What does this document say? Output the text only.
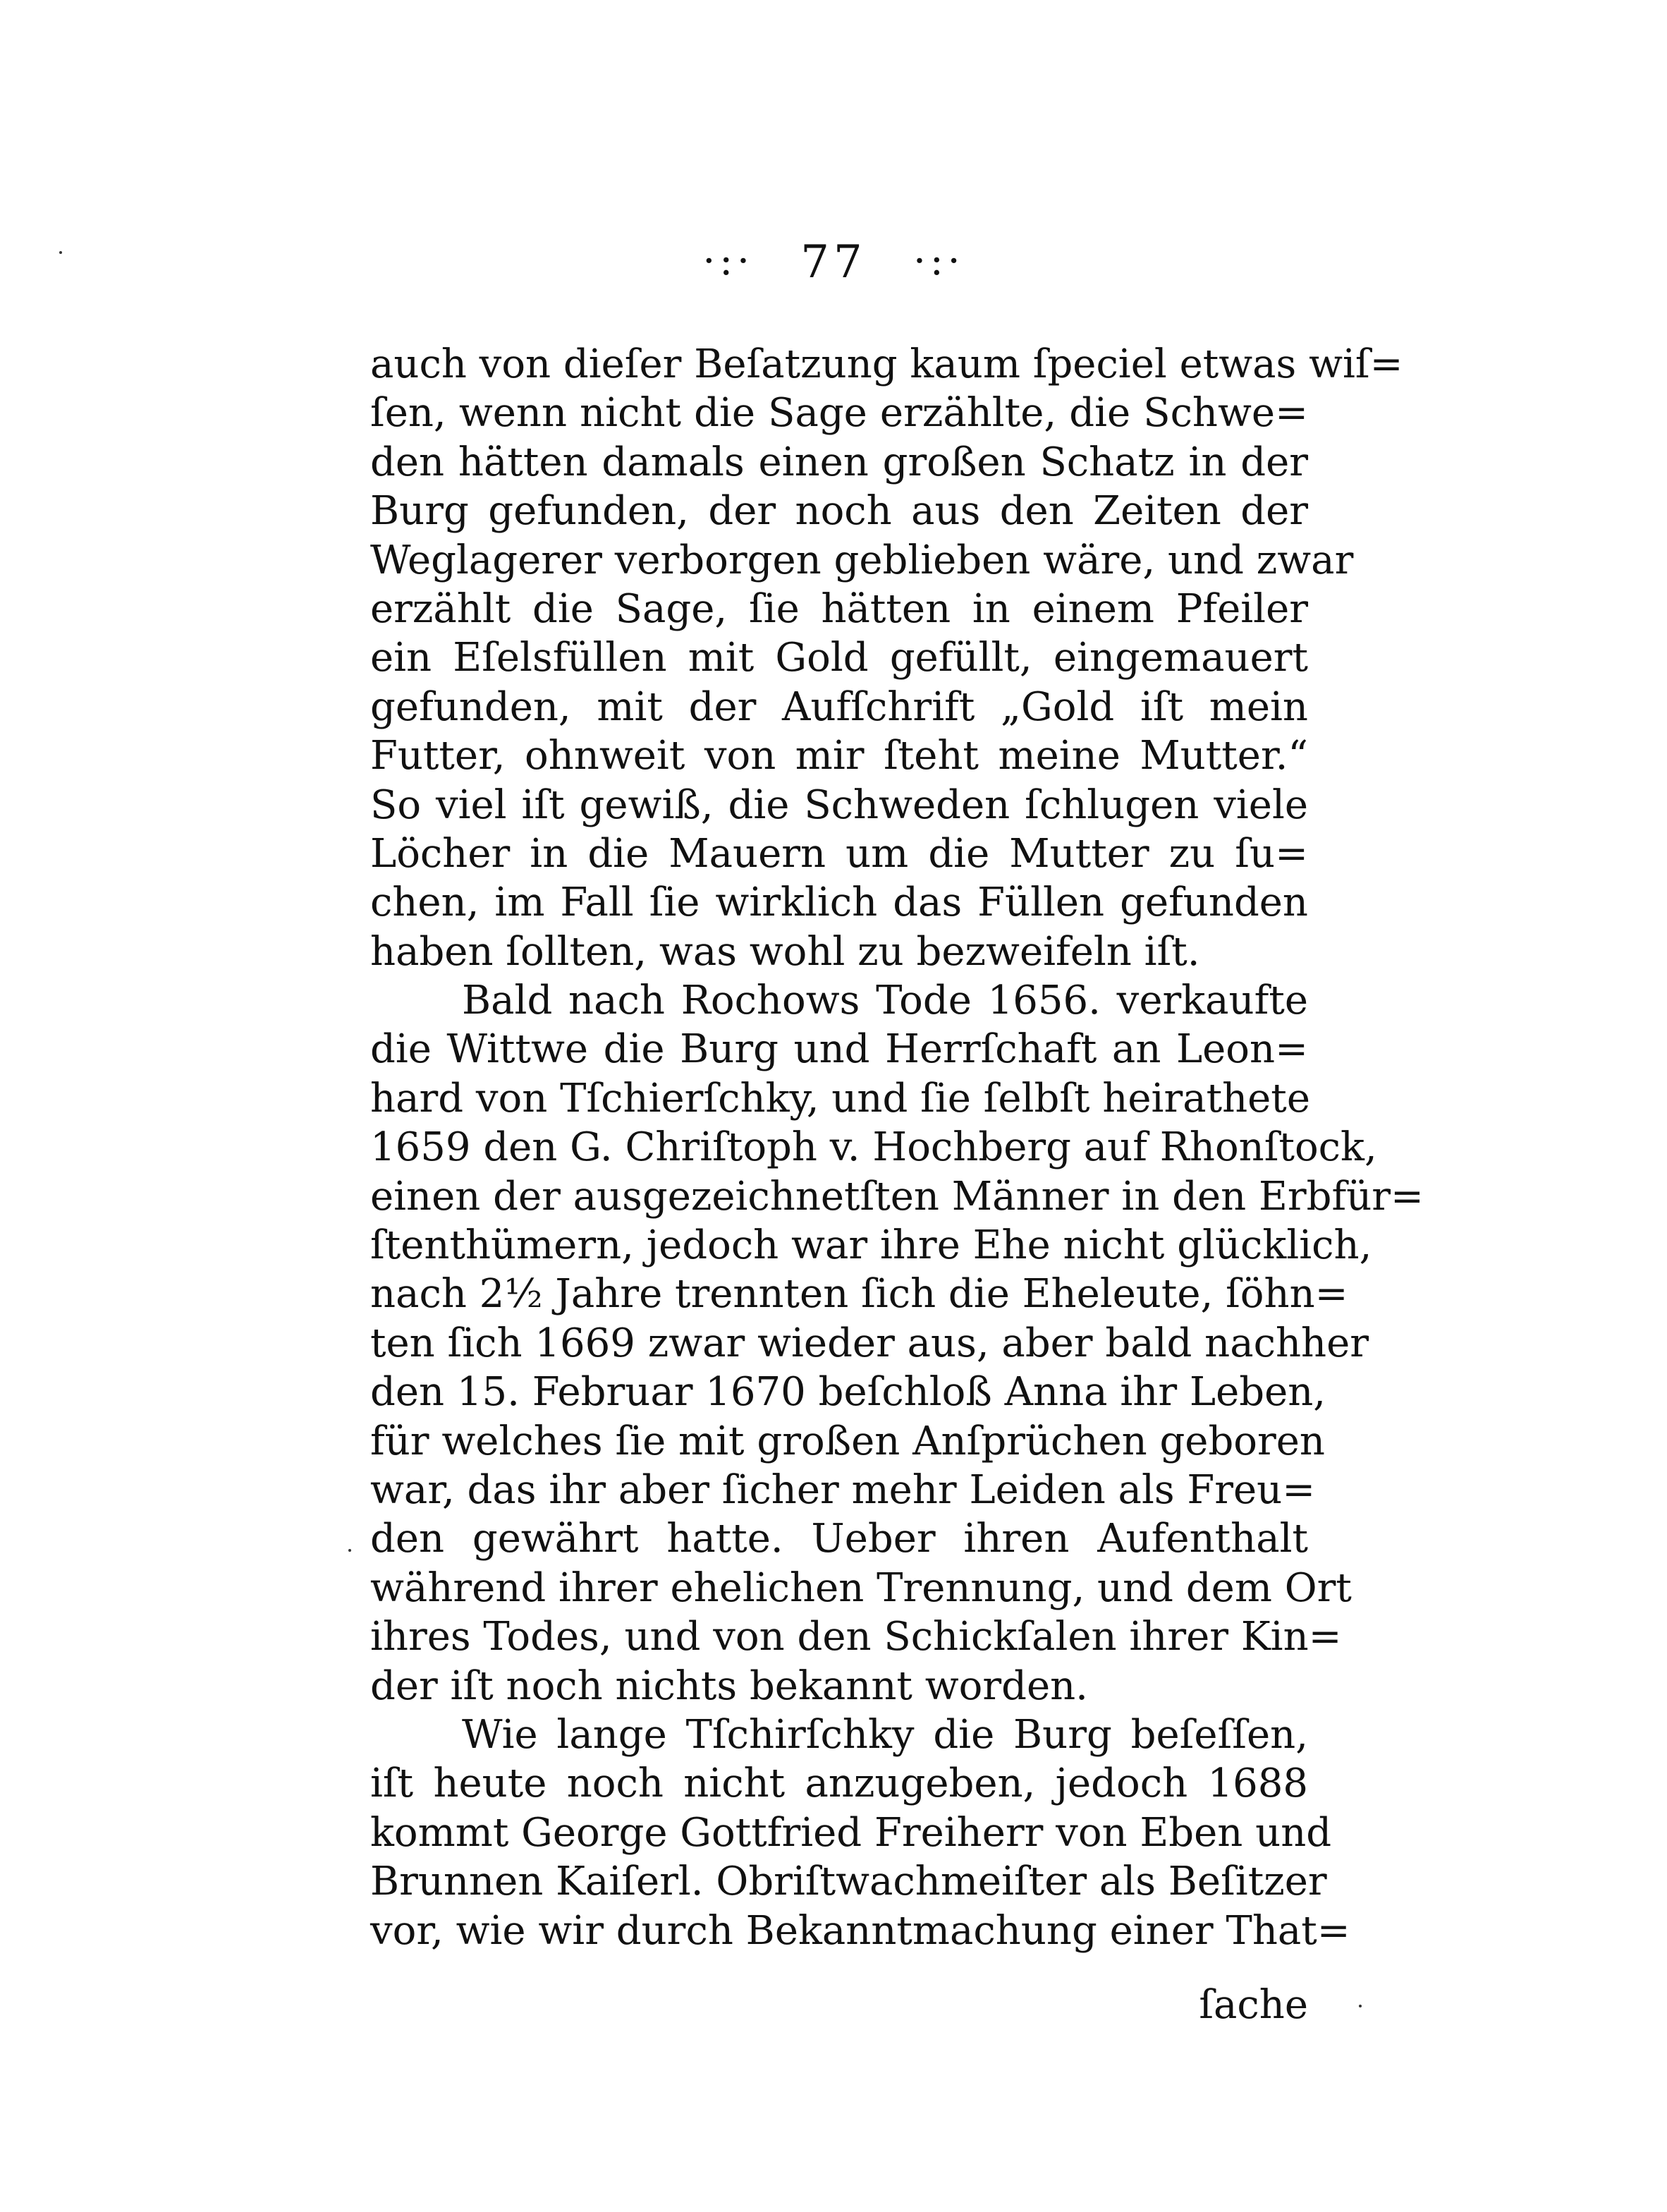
·:· 77 ·:·
auch von dieſer Beſatzung kaum ſpeciel etwas wiſ=
ſen, wenn nicht die Sage erzählte, die Schwe=
den hätten damals einen großen Schatz in der
Burg gefunden, der noch aus den Zeiten der
Weglagerer verborgen geblieben wäre, und zwar
erzählt die Sage, ſie hätten in einem Pfeiler
ein Eſelsfüllen mit Gold gefüllt, eingemauert
gefunden, mit der Aufſchrift „Gold iſt mein
Futter, ohnweit von mir ſteht meine Mutter.“
So viel iſt gewiß, die Schweden ſchlugen viele
Löcher in die Mauern um die Mutter zu ſu=
chen, im Fall ſie wirklich das Füllen gefunden
haben ſollten, was wohl zu bezweifeln iſt.
Bald nach Rochows Tode 1656. verkaufte
die Wittwe die Burg und Herrſchaft an Leon=
hard von Tſchierſchky, und ſie ſelbſt heirathete
1659 den G. Chriſtoph v. Hochberg auf Rhonſtock,
einen der ausgezeichnetſten Männer in den Erbfür=
ſtenthümern, jedoch war ihre Ehe nicht glücklich,
nach 2½ Jahre trennten ſich die Eheleute, ſöhn=
ten ſich 1669 zwar wieder aus, aber bald nachher
den 15. Februar 1670 beſchloß Anna ihr Leben,
für welches ſie mit großen Anſprüchen geboren
war, das ihr aber ſicher mehr Leiden als Freu=
den gewährt hatte. Ueber ihren Aufenthalt
während ihrer ehelichen Trennung, und dem Ort
ihres Todes, und von den Schickſalen ihrer Kin=
der iſt noch nichts bekannt worden.
Wie lange Tſchirſchky die Burg beſeſſen,
iſt heute noch nicht anzugeben, jedoch 1688
kommt George Gottfried Freiherr von Eben und
Brunnen Kaiſerl. Obriſtwachmeiſter als Beſitzer
vor, wie wir durch Bekanntmachung einer That=
ſache
